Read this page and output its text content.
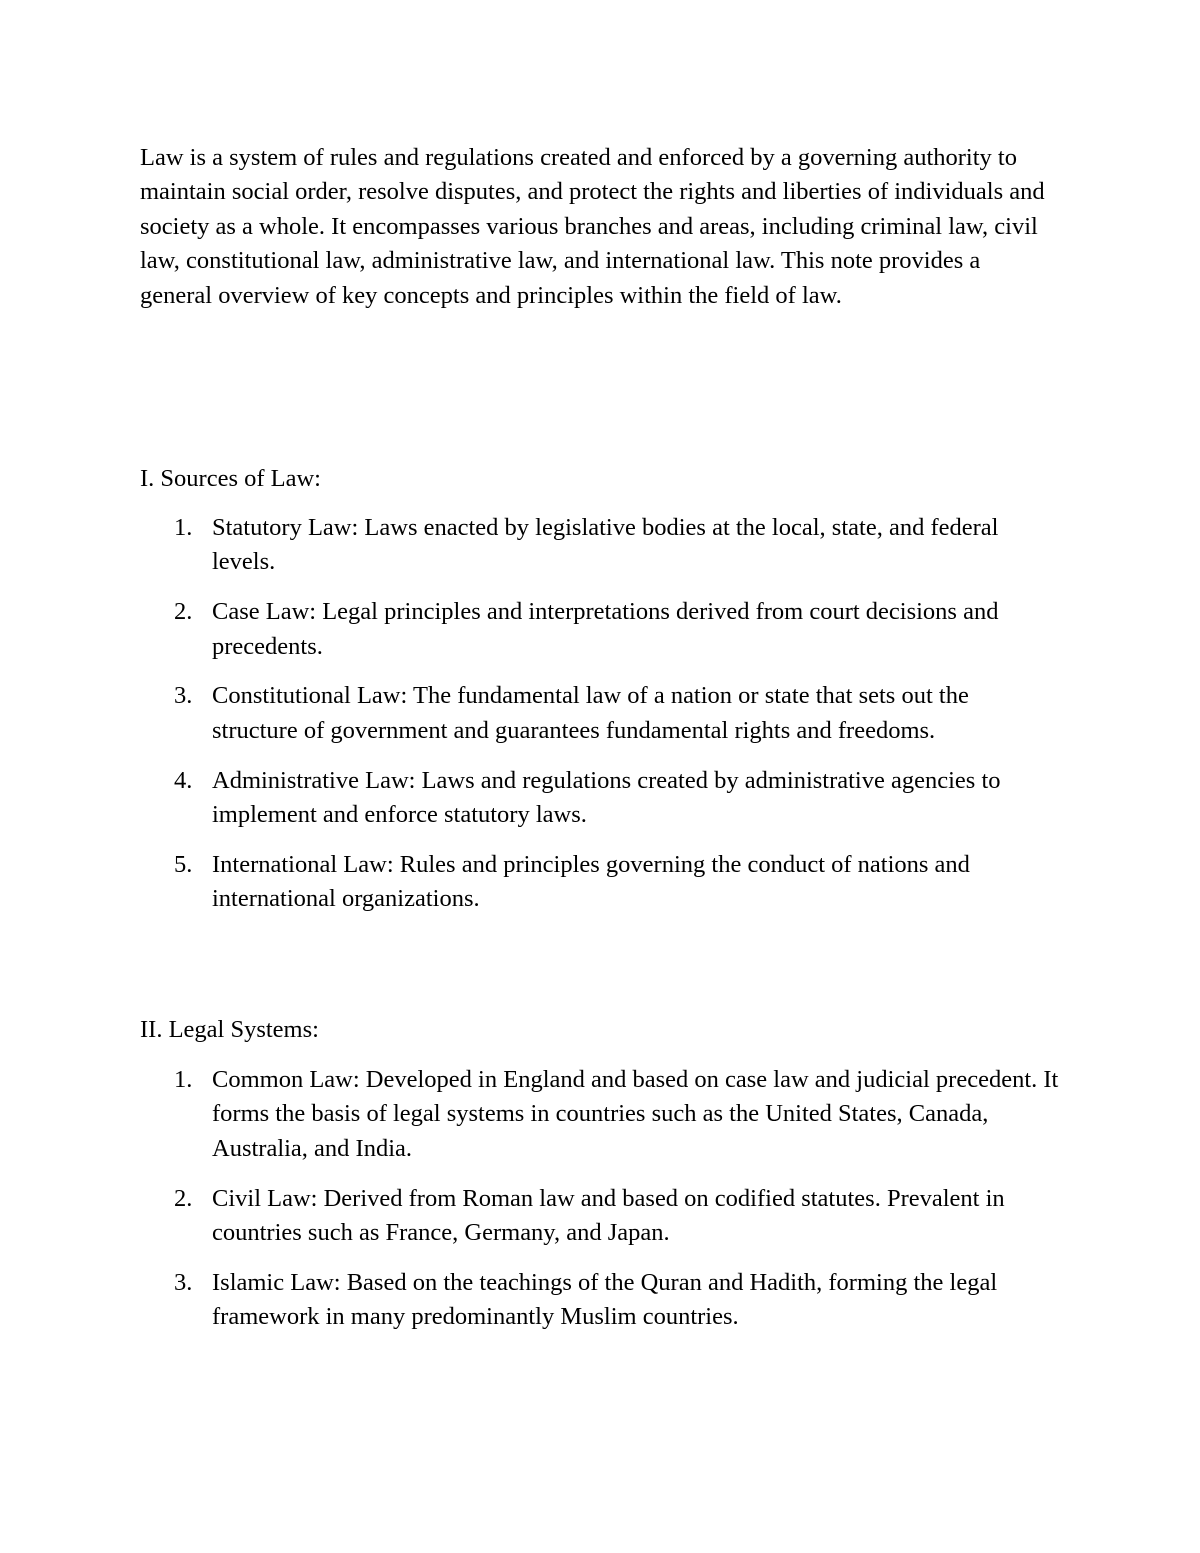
Law is a system of rules and regulations created and enforced by a governing authority to maintain social order, resolve disputes, and protect the rights and liberties of individuals and society as a whole. It encompasses various branches and areas, including criminal law, civil law, constitutional law, administrative law, and international law. This note provides a general overview of key concepts and principles within the field of law.

I. Sources of Law:
1. Statutory Law: Laws enacted by legislative bodies at the local, state, and federal levels.
2. Case Law: Legal principles and interpretations derived from court decisions and precedents.
3. Constitutional Law: The fundamental law of a nation or state that sets out the structure of government and guarantees fundamental rights and freedoms.
4. Administrative Law: Laws and regulations created by administrative agencies to implement and enforce statutory laws.
5. International Law: Rules and principles governing the conduct of nations and international organizations.
II. Legal Systems:
1. Common Law: Developed in England and based on case law and judicial precedent. It forms the basis of legal systems in countries such as the United States, Canada, Australia, and India.
2. Civil Law: Derived from Roman law and based on codified statutes. Prevalent in countries such as France, Germany, and Japan.
3. Islamic Law: Based on the teachings of the Quran and Hadith, forming the legal framework in many predominantly Muslim countries.
